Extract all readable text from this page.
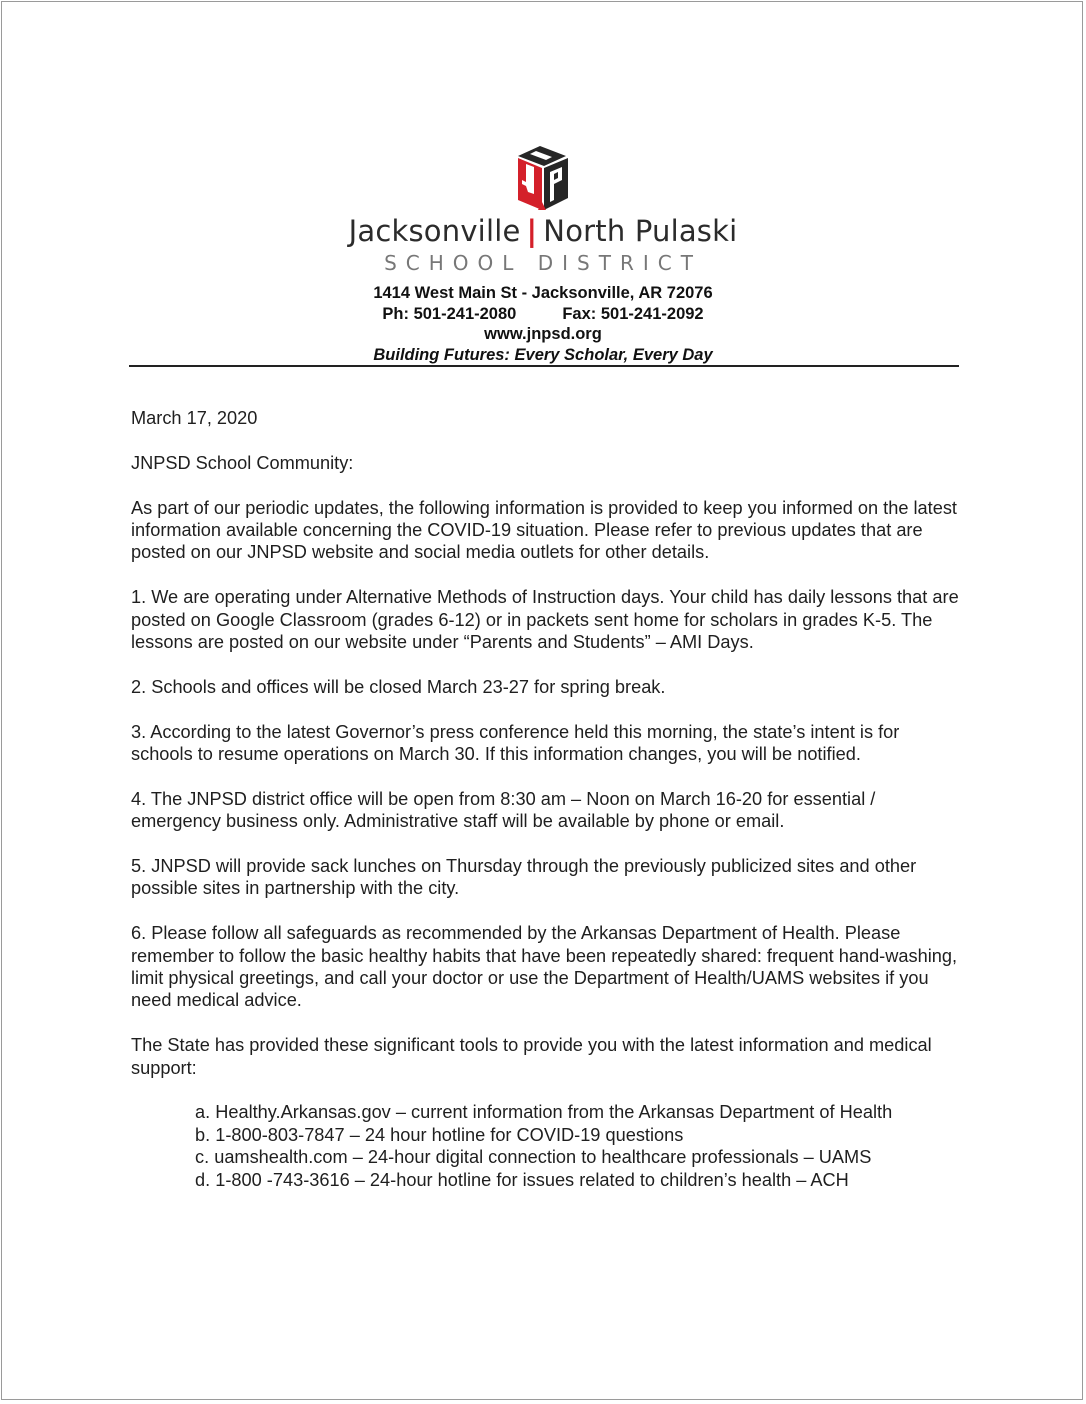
Jacksonville | North Pulaski
SCHOOL DISTRICT
1414 West Main St - Jacksonville, AR 72076
Ph: 501-241-2080	Fax: 501-241-2092
www.jnpsd.org
Building Futures: Every Scholar, Every Day

March 17, 2020

JNPSD School Community:

As part of our periodic updates, the following information is provided to keep you informed on the latest information available concerning the COVID-19 situation. Please refer to previous updates that are posted on our JNPSD website and social media outlets for other details.

1. We are operating under Alternative Methods of Instruction days. Your child has daily lessons that are posted on Google Classroom (grades 6-12) or in packets sent home for scholars in grades K-5. The lessons are posted on our website under “Parents and Students” – AMI Days.

2. Schools and offices will be closed March 23-27 for spring break.

3. According to the latest Governor’s press conference held this morning, the state’s intent is for schools to resume operations on March 30. If this information changes, you will be notified.

4. The JNPSD district office will be open from 8:30 am – Noon on March 16-20 for essential / emergency business only. Administrative staff will be available by phone or email.

5. JNPSD will provide sack lunches on Thursday through the previously publicized sites and other possible sites in partnership with the city.

6. Please follow all safeguards as recommended by the Arkansas Department of Health. Please remember to follow the basic healthy habits that have been repeatedly shared: frequent hand-washing, limit physical greetings, and call your doctor or use the Department of Health/UAMS websites if you need medical advice.

The State has provided these significant tools to provide you with the latest information and medical support:

a. Healthy.Arkansas.gov – current information from the Arkansas Department of Health
b. 1-800-803-7847 – 24 hour hotline for COVID-19 questions
c. uamshealth.com – 24-hour digital connection to healthcare professionals – UAMS
d. 1-800 -743-3616 – 24-hour hotline for issues related to children’s health – ACH
